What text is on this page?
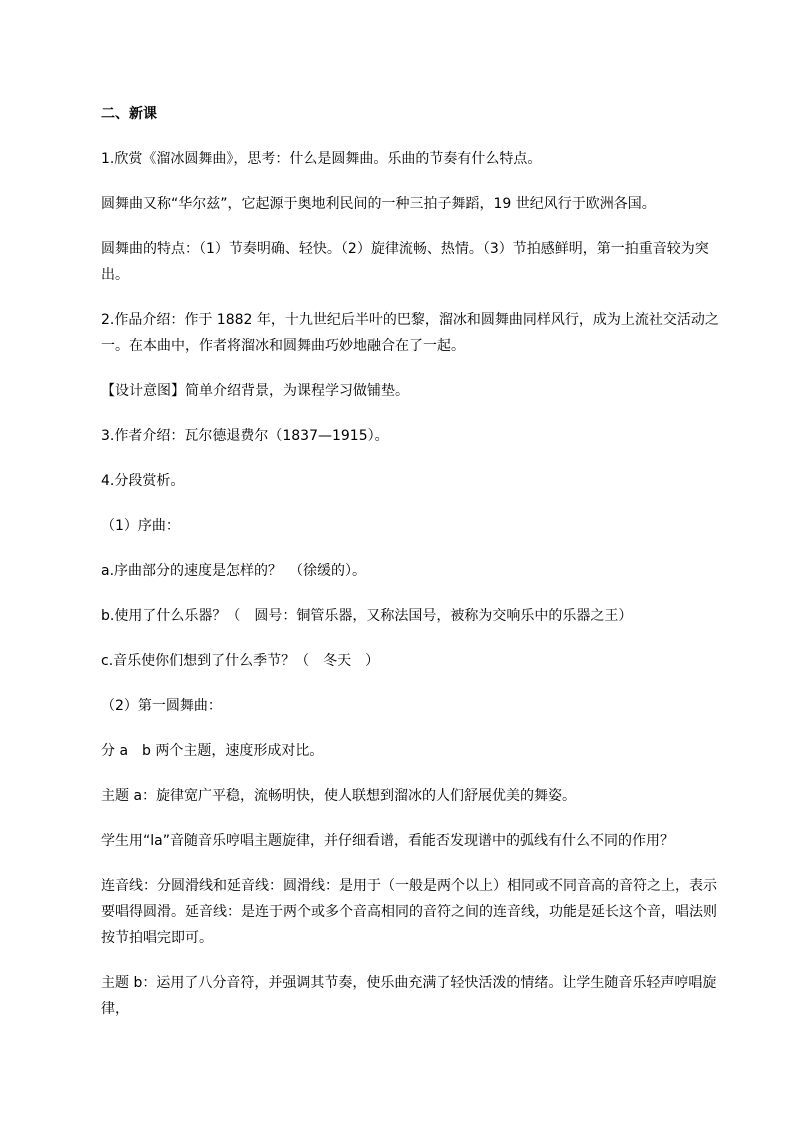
二、新课

1.欣赏《溜冰圆舞曲》，思考：什么是圆舞曲。乐曲的节奏有什么特点。

圆舞曲又称“华尔兹”，它起源于奥地利民间的一种三拍子舞蹈，19 世纪风行于欧洲各国。

圆舞曲的特点：（1）节奏明确、轻快。（2）旋律流畅、热情。（3）节拍感鲜明，第一拍重音较为突出。

2.作品介绍：作于 1882 年，十九世纪后半叶的巴黎，溜冰和圆舞曲同样风行，成为上流社交活动之一。在本曲中，作者将溜冰和圆舞曲巧妙地融合在了一起。

【设计意图】简单介绍背景，为课程学习做铺垫。

3.作者介绍：瓦尔德退费尔（1837—1915）。

4.分段赏析。

（1）序曲：

a.序曲部分的速度是怎样的？　（徐缓的）。

b.使用了什么乐器？（　圆号：铜管乐器，又称法国号，被称为交响乐中的乐器之王）

c.音乐使你们想到了什么季节？（　冬天　）

（2）第一圆舞曲：

分 a　b 两个主题，速度形成对比。

主题 a：旋律宽广平稳，流畅明快，使人联想到溜冰的人们舒展优美的舞姿。

学生用“la”音随音乐哼唱主题旋律，并仔细看谱，看能否发现谱中的弧线有什么不同的作用？

连音线：分圆滑线和延音线：圆滑线：是用于（一般是两个以上）相同或不同音高的音符之上，表示要唱得圆滑。延音线：是连于两个或多个音高相同的音符之间的连音线，功能是延长这个音，唱法则按节拍唱完即可。

主题 b：运用了八分音符，并强调其节奏，使乐曲充满了轻快活泼的情绪。让学生随音乐轻声哼唱旋律，
